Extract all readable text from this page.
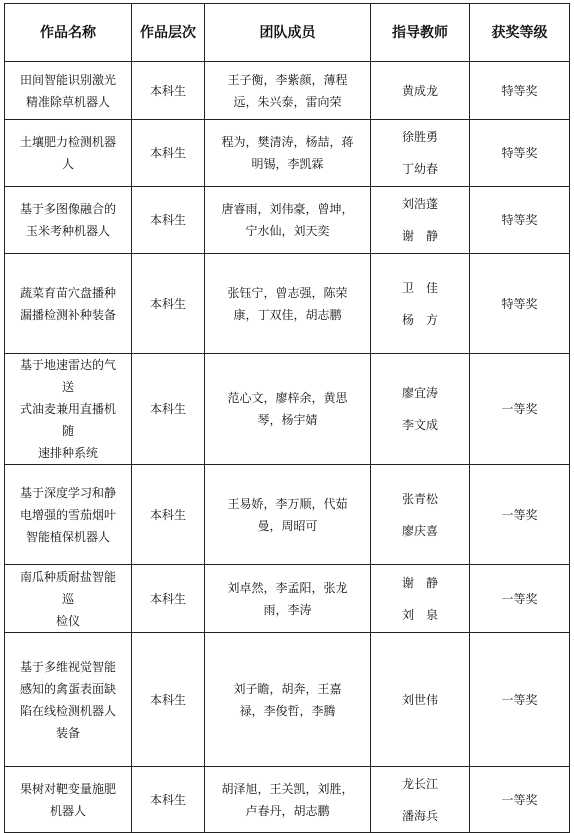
作品名称	作品层次	团队成员	指导教师	获奖等级

田间智能识别激光
精准除草机器人	本科生	王子衡，李紫颜，薄程
远，朱兴泰，雷向荣	黄成龙	特等奖

土壤肥力检测机器人	本科生	程为，樊清涛，杨喆，蒋
明锡，李凯霖	徐胜勇
丁幼春	特等奖

基于多图像融合的
玉米考种机器人	本科生	唐睿雨，刘伟豪，曾坤，
宁水仙，刘天奕	刘浩蓬
谢　静	特等奖

蔬菜育苗穴盘播种
漏播检测补种装备	本科生	张钰宁，曾志强，陈荣
康，丁双佳，胡志鹏	卫　佳
杨　方	特等奖

基于地速雷达的气送
式油麦兼用直播机随
速排种系统	本科生	范心文，廖梓余，黄思
琴，杨宇婧	廖宜涛
李文成	一等奖

基于深度学习和静
电增强的雪茄烟叶
智能植保机器人	本科生	王易娇，李万顺，代茹
曼，周昭可	张青松
廖庆喜	一等奖

南瓜种质耐盐智能巡
检仪	本科生	刘卓然，李孟阳，张龙
雨，李涛	谢　静
刘　泉	一等奖

基于多维视觉智能
感知的禽蛋表面缺
陷在线检测机器人
装备	本科生	刘子瞻，胡奔，王嘉
禄，李俊哲，李腾	刘世伟	一等奖

果树对靶变量施肥
机器人	本科生	胡泽旭，王关凯，刘胜，
卢春丹，胡志鹏	龙长江
潘海兵	一等奖
